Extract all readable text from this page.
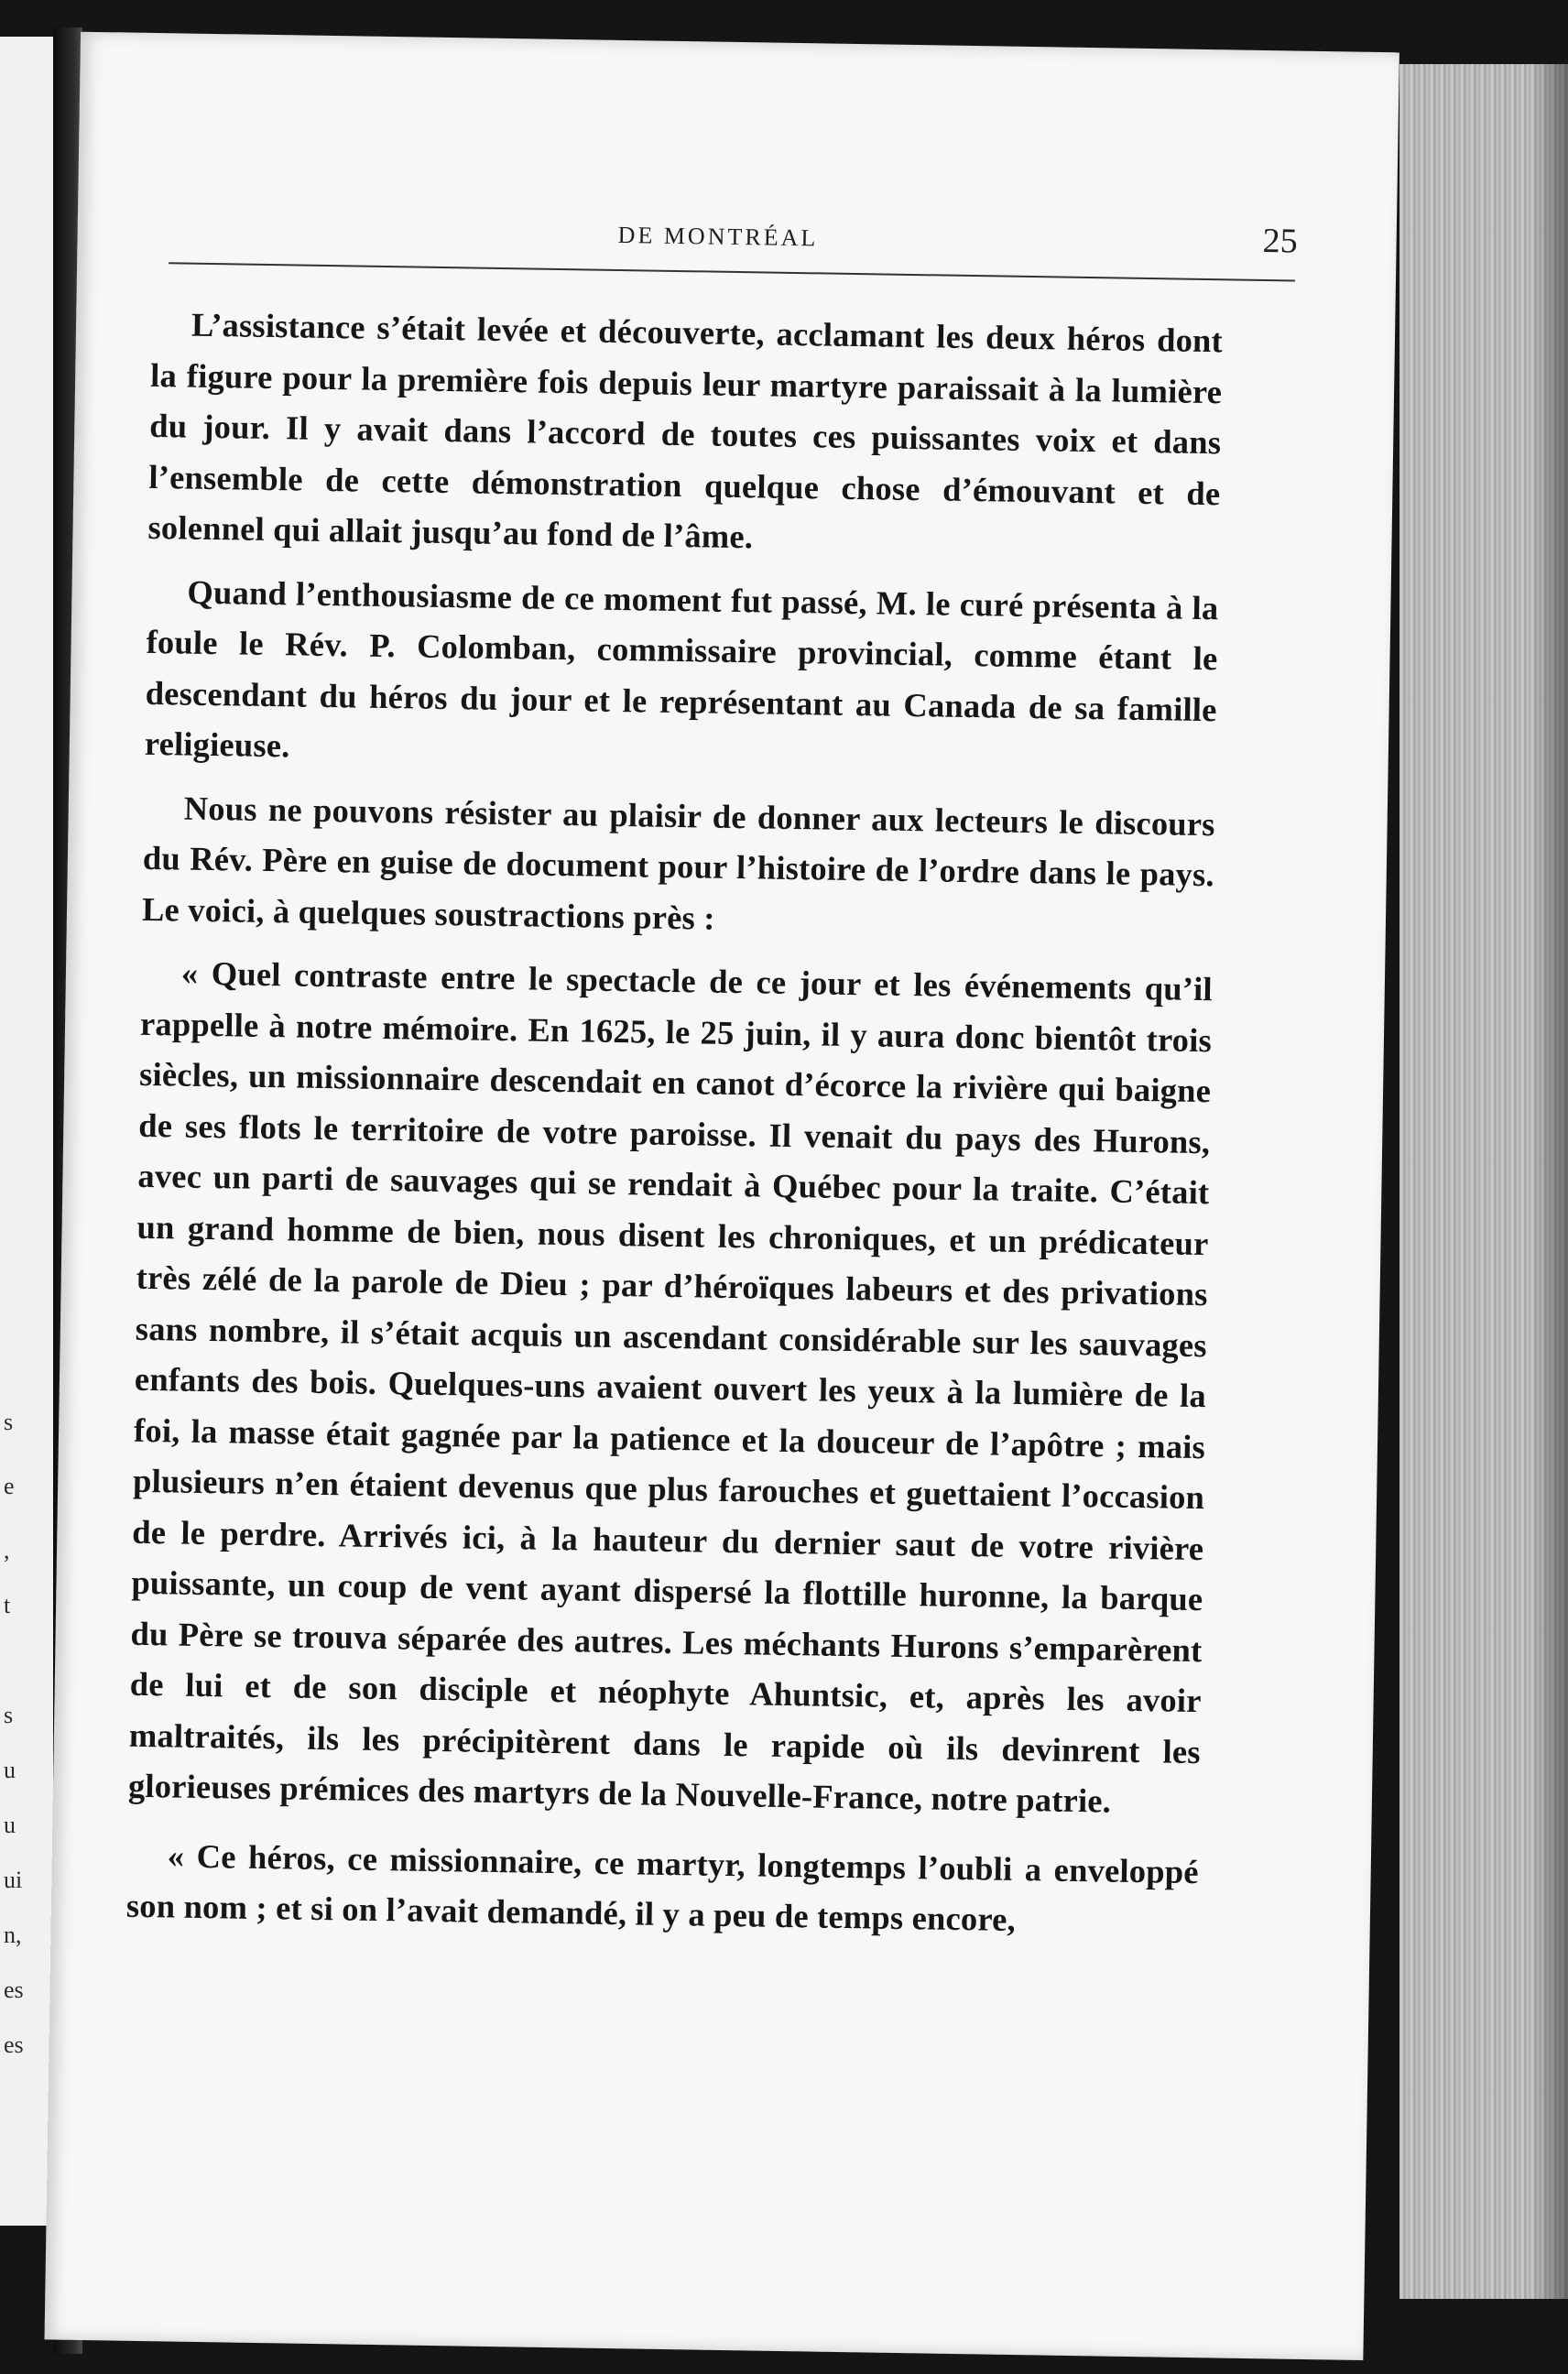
s
e
,
t
s
u
u
ui
n,
es
es
DE MONTRÉAL	25

L’assistance s’était levée et découverte, acclamant les deux héros dont la figure pour la première fois depuis leur martyre paraissait à la lumière du jour. Il y avait dans l’accord de toutes ces puissantes voix et dans l’ensemble de cette démonstration quelque chose d’émouvant et de solennel qui allait jusqu’au fond de l’âme.

Quand l’enthousiasme de ce moment fut passé, M. le curé présenta à la foule le Rév. P. Colomban, commissaire provincial, comme étant le descendant du héros du jour et le représentant au Canada de sa famille religieuse.

Nous ne pouvons résister au plaisir de donner aux lecteurs le discours du Rév. Père en guise de document pour l’histoire de l’ordre dans le pays. Le voici, à quelques soustractions près :

« Quel contraste entre le spectacle de ce jour et les événements qu’il rappelle à notre mémoire. En 1625, le 25 juin, il y aura donc bientôt trois siècles, un missionnaire descendait en canot d’écorce la rivière qui baigne de ses flots le territoire de votre paroisse. Il venait du pays des Hurons, avec un parti de sauvages qui se rendait à Québec pour la traite. C’était un grand homme de bien, nous disent les chroniques, et un prédicateur très zélé de la parole de Dieu ; par d’héroïques labeurs et des privations sans nombre, il s’était acquis un ascendant considérable sur les sauvages enfants des bois. Quelques-uns avaient ouvert les yeux à la lumière de la foi, la masse était gagnée par la patience et la douceur de l’apôtre ; mais plusieurs n’en étaient devenus que plus farouches et guettaient l’occasion de le perdre. Arrivés ici, à la hauteur du dernier saut de votre rivière puissante, un coup de vent ayant dispersé la flottille huronne, la barque du Père se trouva séparée des autres. Les méchants Hurons s’emparèrent de lui et de son disciple et néophyte Ahuntsic, et, après les avoir maltraités, ils les précipitèrent dans le rapide où ils devinrent les glorieuses prémices des martyrs de la Nouvelle-France, notre patrie.

« Ce héros, ce missionnaire, ce martyr, longtemps l’oubli a enveloppé son nom ; et si on l’avait demandé, il y a peu de temps encore,
